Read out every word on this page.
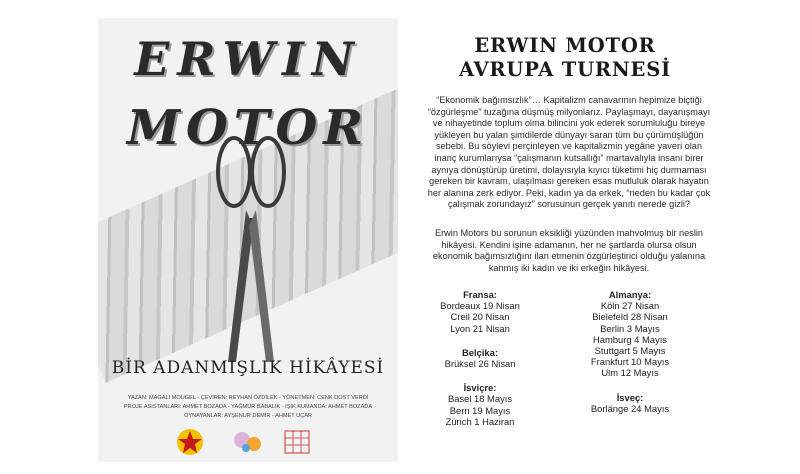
ERWIN
MOTOR
BİR ADANMIŞLIK HİKÂYESİ
YAZAN: MAGALI MOUGEL - ÇEVIREN: REYHAN ÖZDİLEK - YÖNETMEN: CENK DOST VERDİ
PROJE ASISTANLARI: AHMET BOZADA - YAĞMUR BABALIK - IŞIK KUMANDA: AHMET BOZADA
OYNAYANLAR: AYŞENUR DEMİR - AHMET UÇAR
ERWIN MOTOR
AVRUPA TURNESİ
“Ekonomik bağımsızlık”… Kapitalizm canavarının hepimize biçtiği “özgürleşme” tuzağına düşmüş milyonlarız. Paylaşmayı, dayanışmayı ve nihayetinde toplum olma bilincini yok ederek sorumluluğu bireye yükleyen bu yalan şimdilerde dünyayı saran tüm bu çürümüşlüğün sebebi. Bu söylevi perçinleyen ve kapitalizmin yegâne yaveri olan inanç kurumlarıysa “çalışmanın kutsallığı” martavalıyla insanı birer aynıya dönüştürüp üretimi, dolayısıyla kıyıcı tüketimi hiç durmaması gereken bir kavram, ulaşılması gereken esas mutluluk olarak hayatın her alanına zerk ediyor. Peki, kadın ya da erkek, “neden bu kadar çok çalışmak zorundayız” sorusunun gerçek yanıtı nerede gizli?
Erwin Motors bu sorunun eksikliği yüzünden mahvolmuş bir neslin hikâyesi. Kendini işine adamanın, her ne şartlarda olursa olsun ekonomik bağımsızlığını ilan etmenin özgürleştirici olduğu yalanına kanmış iki kadın ve iki erkeğin hikâyesi.
Fransa:
Bordeaux 19 Nisan
Creil 20 Nisan
Lyon 21 Nisan
Belçika:
Brüksel 26 Nisan
İsviçre:
Basel 18 Mayıs
Bern 19 Mayıs
Zürich 1 Haziran
Almanya:
Köln 27 Nisan
Bielefeld 28 Nisan
Berlin 3 Mayıs
Hamburg 4 Mayıs
Stuttgart 5 Mayıs
Frankfurt 10 Mayıs
Ulm 12 Mayıs
İsveç:
Borlänge 24 Mayıs
